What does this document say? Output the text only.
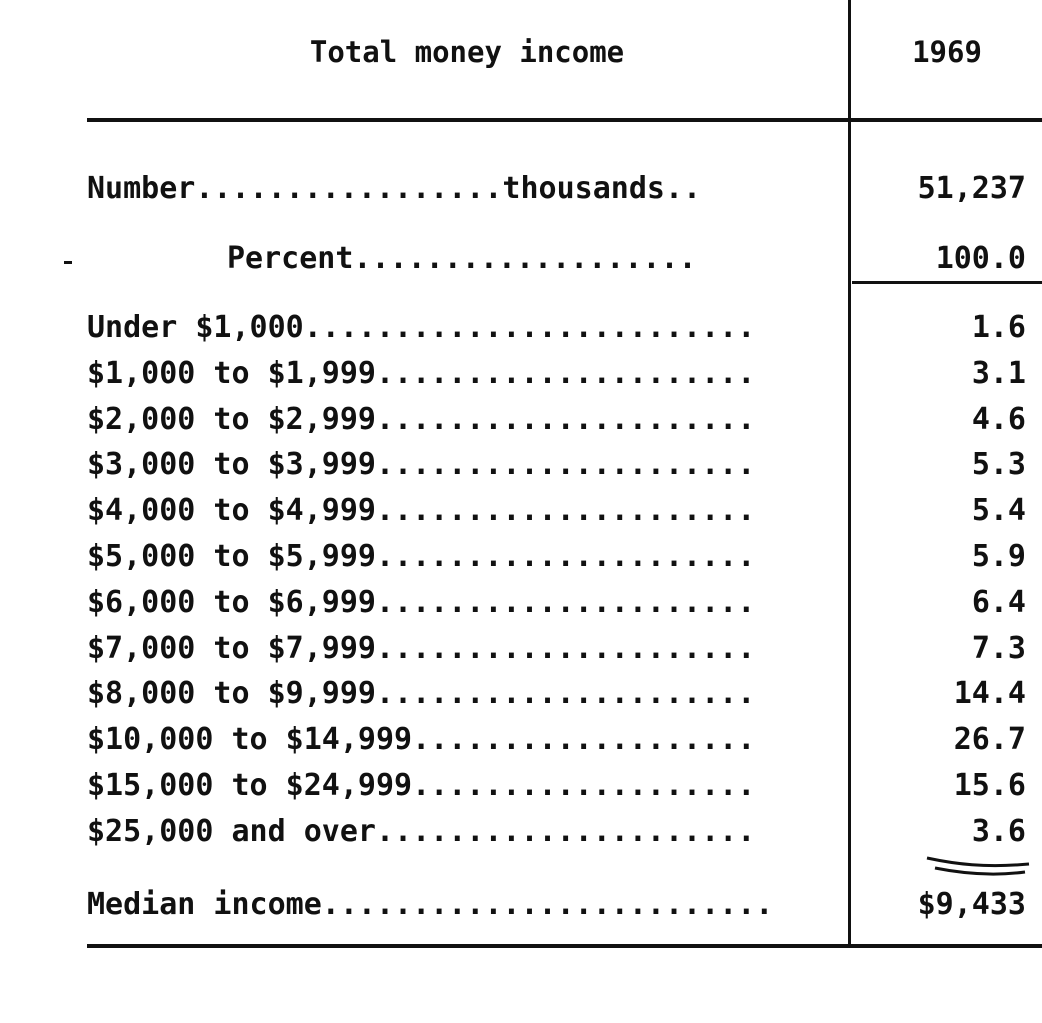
Total money income	1969
Number.................thousands..	51,237
Percent...................	100.0
Under $1,000.........................	1.6
$1,000 to $1,999.....................	3.1
$2,000 to $2,999.....................	4.6
$3,000 to $3,999.....................	5.3
$4,000 to $4,999.....................	5.4
$5,000 to $5,999.....................	5.9
$6,000 to $6,999.....................	6.4
$7,000 to $7,999.....................	7.3
$8,000 to $9,999.....................	14.4
$10,000 to $14,999...................	26.7
$15,000 to $24,999...................	15.6
$25,000 and over.....................	3.6
Median income.........................	$9,433
